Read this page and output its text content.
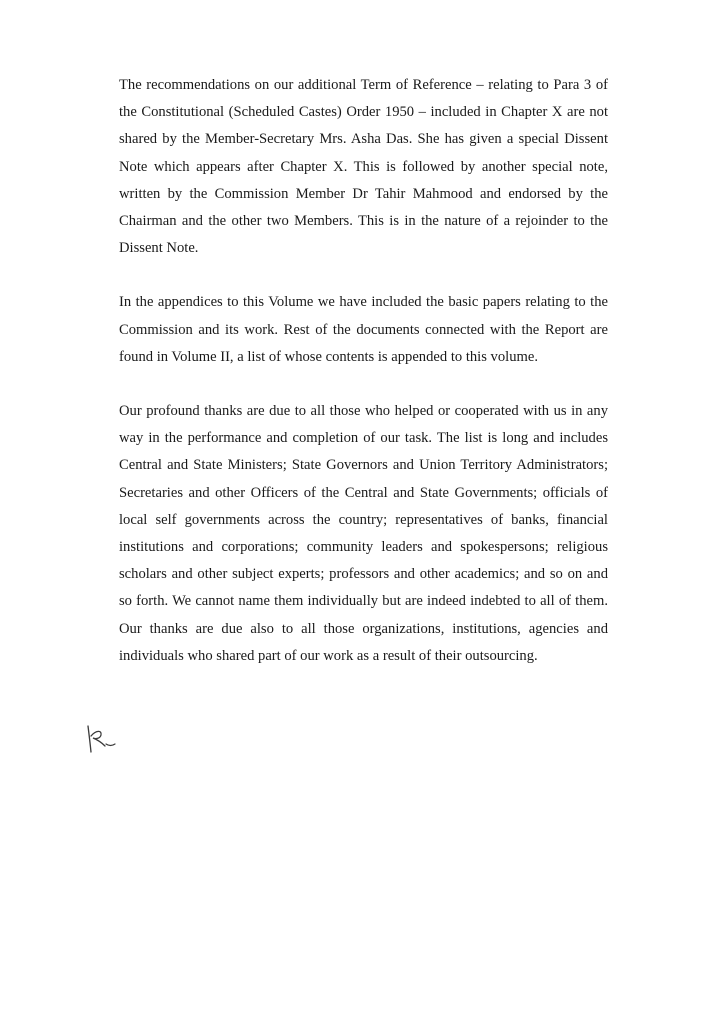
The recommendations on our additional Term of Reference – relating to Para 3 of the Constitutional (Scheduled Castes) Order 1950 – included in Chapter X are not shared by the Member-Secretary Mrs. Asha Das. She has given a special Dissent Note which appears after Chapter X. This is followed by another special note, written by the Commission Member Dr Tahir Mahmood and endorsed by the Chairman and the other two Members. This is in the nature of a rejoinder to the Dissent Note.

In the appendices to this Volume we have included the basic papers relating to the Commission and its work. Rest of the documents connected with the Report are found in Volume II, a list of whose contents is appended to this volume.

Our profound thanks are due to all those who helped or cooperated with us in any way in the performance and completion of our task. The list is long and includes Central and State Ministers; State Governors and Union Territory Administrators; Secretaries and other Officers of the Central and State Governments; officials of local self governments across the country; representatives of banks, financial institutions and corporations; community leaders and spokespersons; religious scholars and other subject experts; professors and other academics; and so on and so forth. We cannot name them individually but are indeed indebted to all of them. Our thanks are due also to all those organizations, institutions, agencies and individuals who shared part of our work as a result of their outsourcing.
